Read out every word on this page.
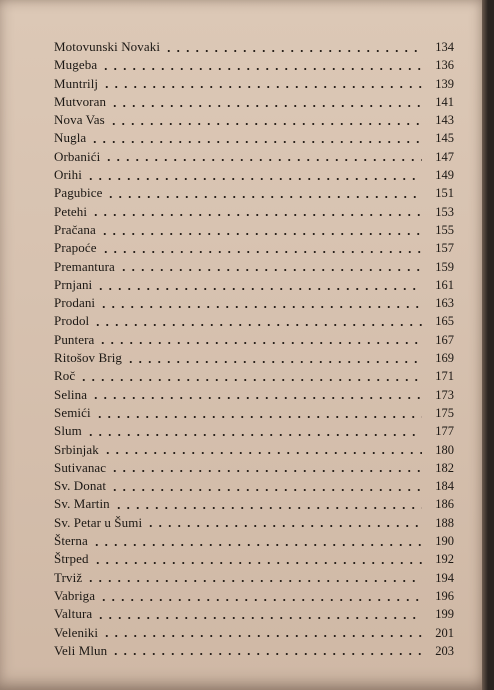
Motovunski Novaki	134
Mugeba	136
Muntrilj	139
Mutvoran	141
Nova Vas	143
Nugla	145
Orbanići	147
Orihi	149
Pagubice	151
Petehi	153
Pračana	155
Prapoće	157
Premantura	159
Prnjani	161
Prodani	163
Prodol	165
Puntera	167
Ritošov Brig	169
Roč	171
Selina	173
Semići	175
Slum	177
Srbinjak	180
Sutivanac	182
Sv. Donat	184
Sv. Martin	186
Sv. Petar u Šumi	188
Šterna	190
Štrped	192
Trviž	194
Vabriga	196
Valtura	199
Veleniki	201
Veli Mlun	203
